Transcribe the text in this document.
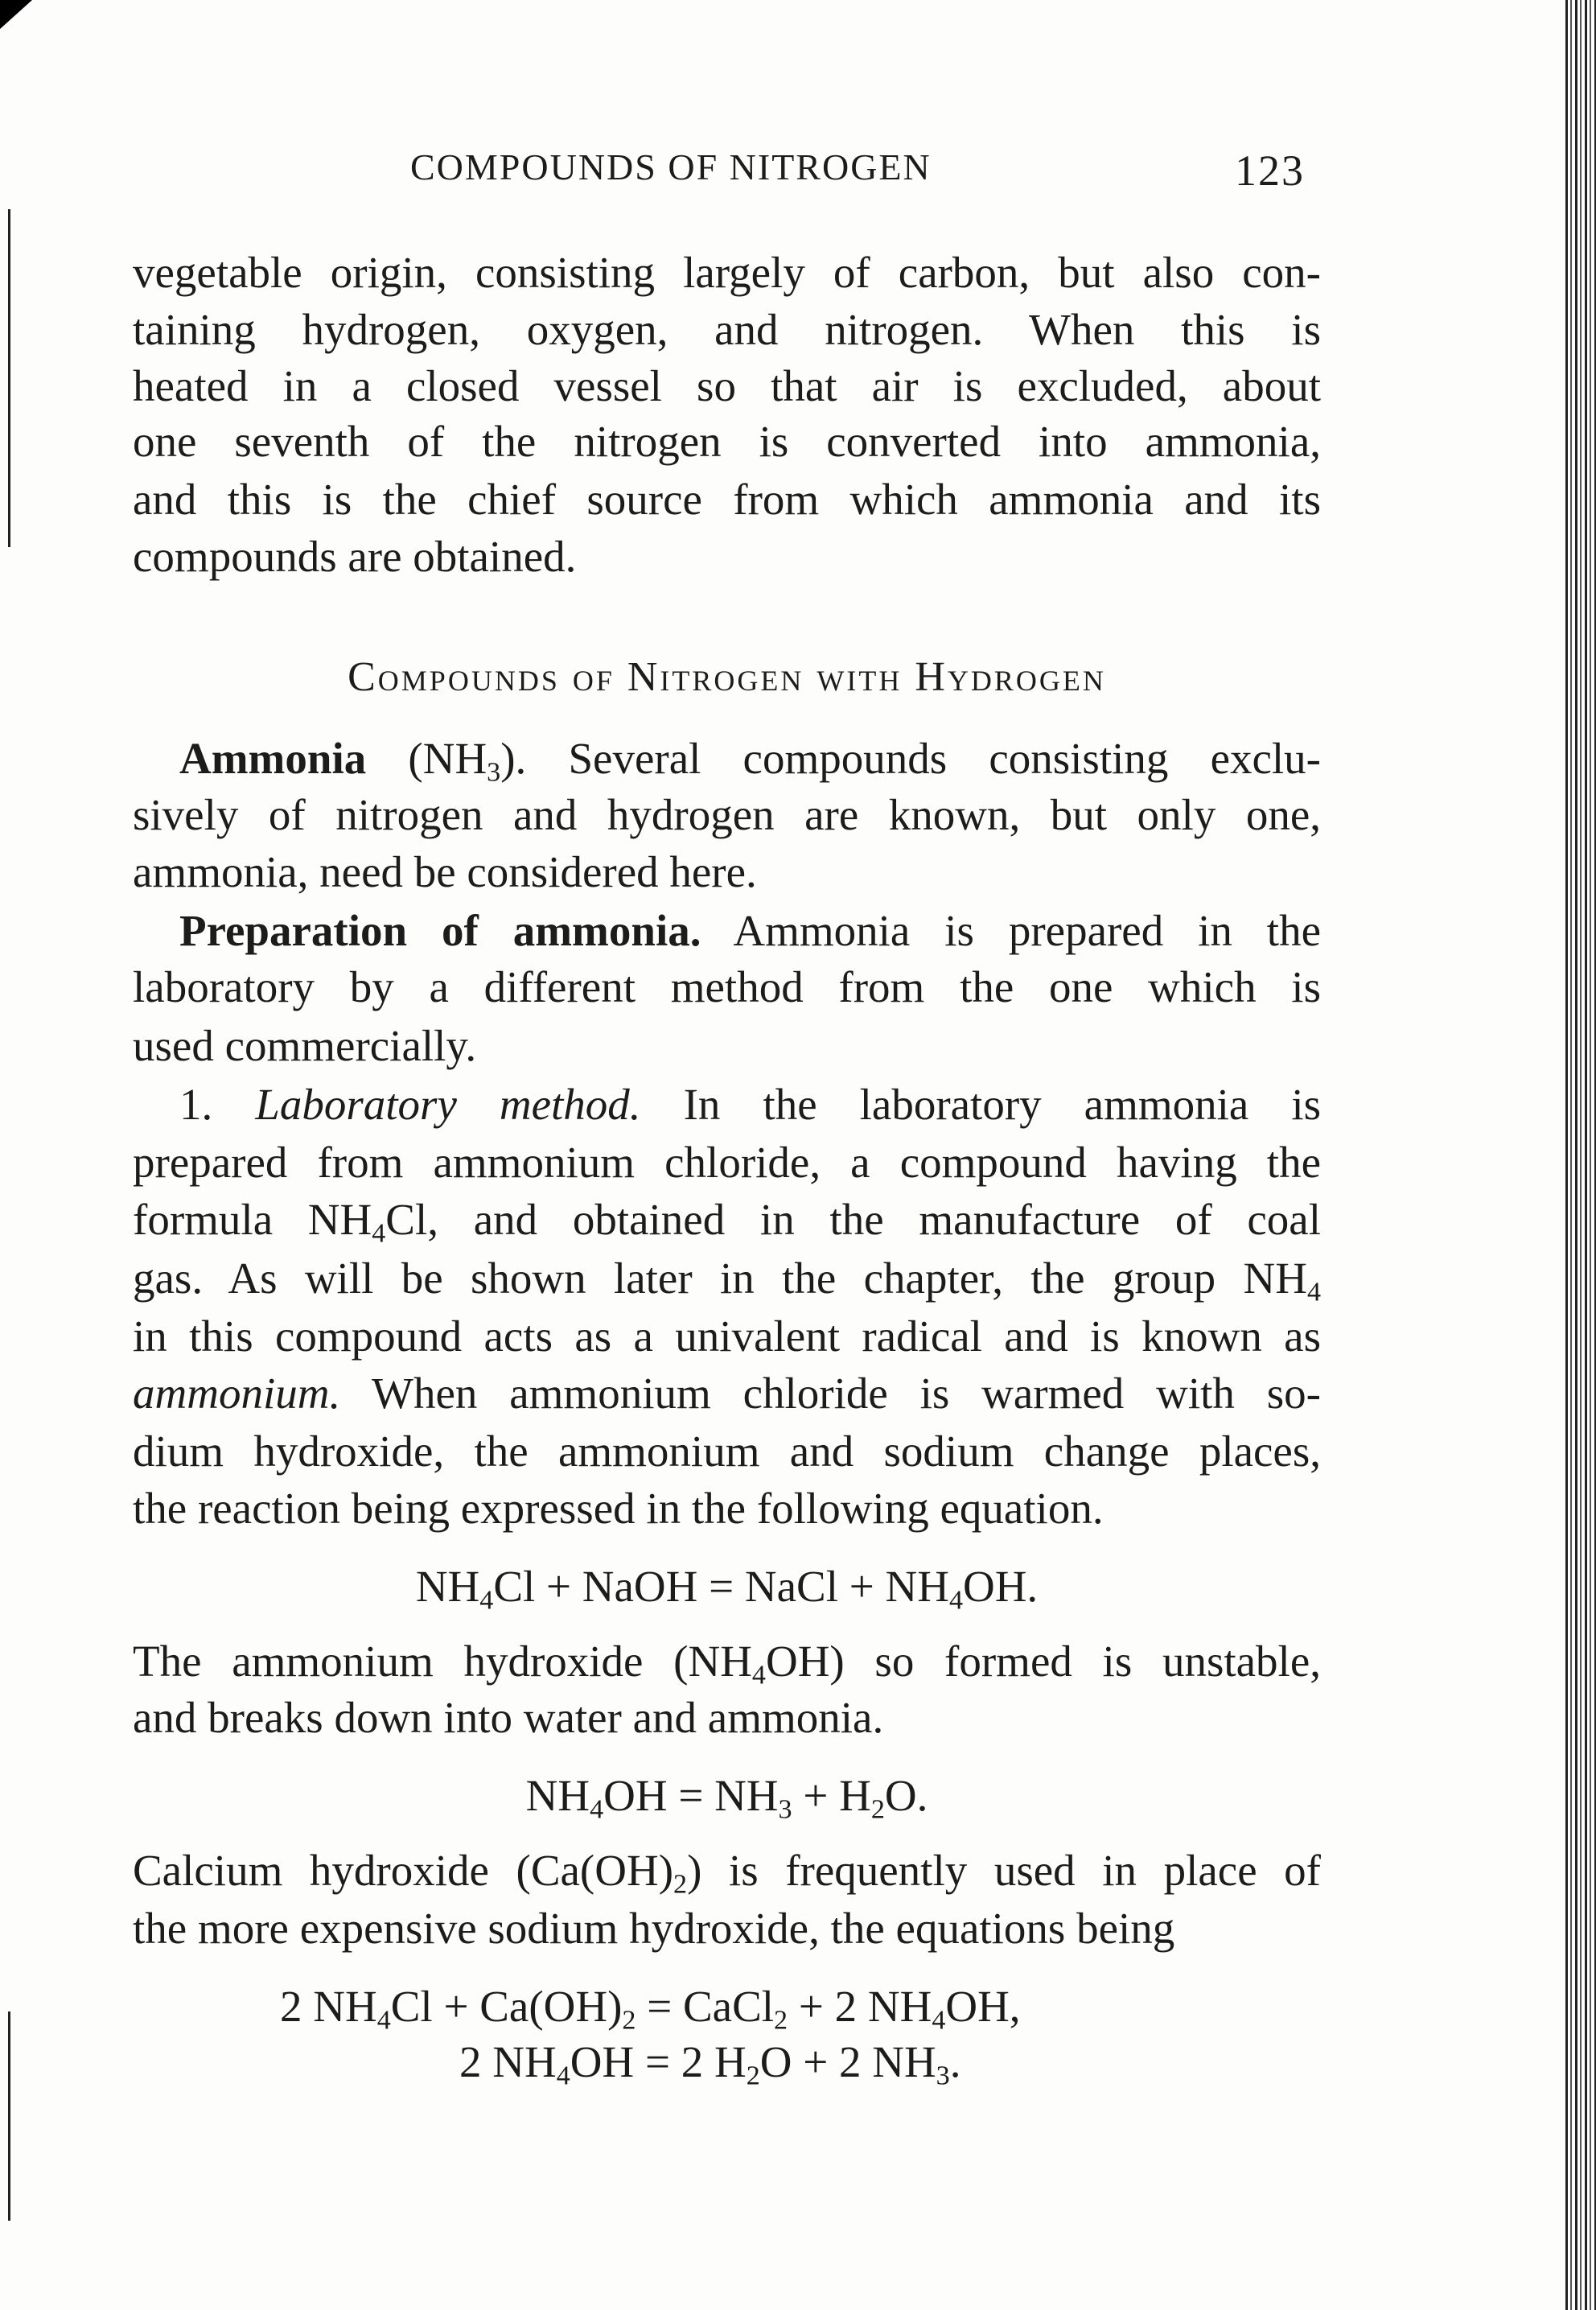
COMPOUNDS OF NITROGEN	123
vegetable origin, consisting largely of carbon, but also con-
taining hydrogen, oxygen, and nitrogen. When this is
heated in a closed vessel so that air is excluded, about
one seventh of the nitrogen is converted into ammonia,
and this is the chief source from which ammonia and its
compounds are obtained.
Compounds of Nitrogen with Hydrogen
Ammonia $(NH_3)$. Several compounds consisting exclu-
sively of nitrogen and hydrogen are known, but only one,
ammonia, need be considered here.
Preparation of ammonia. Ammonia is prepared in the
laboratory by a different method from the one which is
used commercially.
1. Laboratory method. In the laboratory ammonia is
prepared from ammonium chloride, a compound having the
formula $NH_4Cl$, and obtained in the manufacture of coal
gas. As will be shown later in the chapter, the group $NH_4$
in this compound acts as a univalent radical and is known as
ammonium. When ammonium chloride is warmed with so-
dium hydroxide, the ammonium and sodium change places,
the reaction being expressed in the following equation.
$NH_4Cl$ + NaOH = NaCl + $NH_4OH$.
The ammonium hydroxide $(NH_4OH)$ so formed is unstable,
and breaks down into water and ammonia.
$NH_4OH = NH_3 + H_2O$.
Calcium hydroxide $(Ca(OH)_2)$ is frequently used in place of
the more expensive sodium hydroxide, the equations being
2 $NH_4Cl + Ca(OH)_2$ = CaCl$_2$ + 2 $NH_4OH$,
2 $NH_4OH = 2$ $H_2O + 2$ $NH_3$.
